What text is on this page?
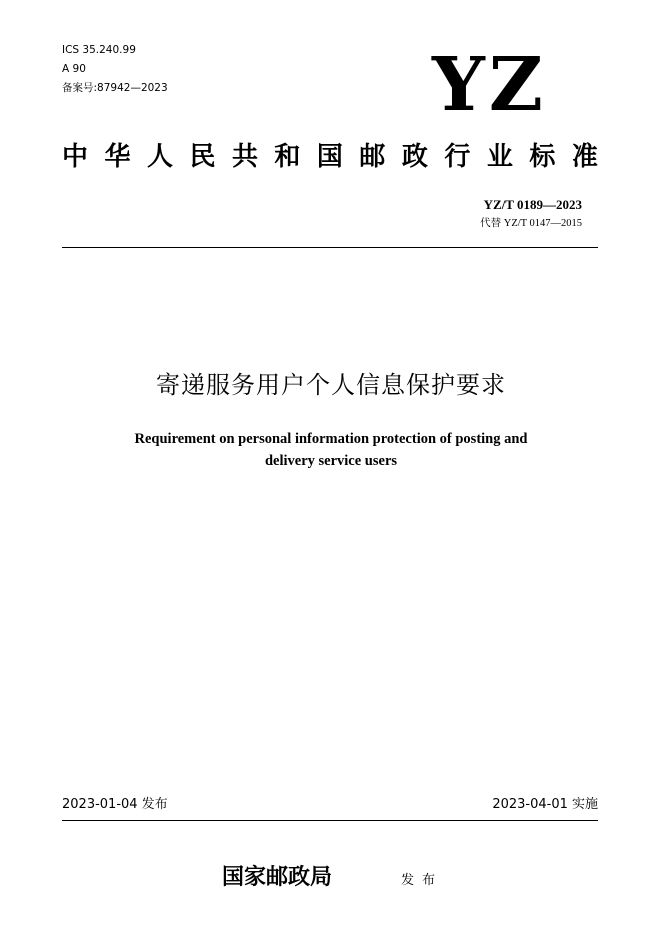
ICS 35.240.99
A 90
备案号:87942—2023	YZ
中 华 人 民 共 和 国 邮 政 行 业 标 准
YZ/T 0189—2023
代替 YZ/T 0147—2015
寄递服务用户个人信息保护要求
Requirement on personal information protection of posting and
delivery service users
2023-01-04 发布	2023-04-01 实施
国家邮政局	发布
